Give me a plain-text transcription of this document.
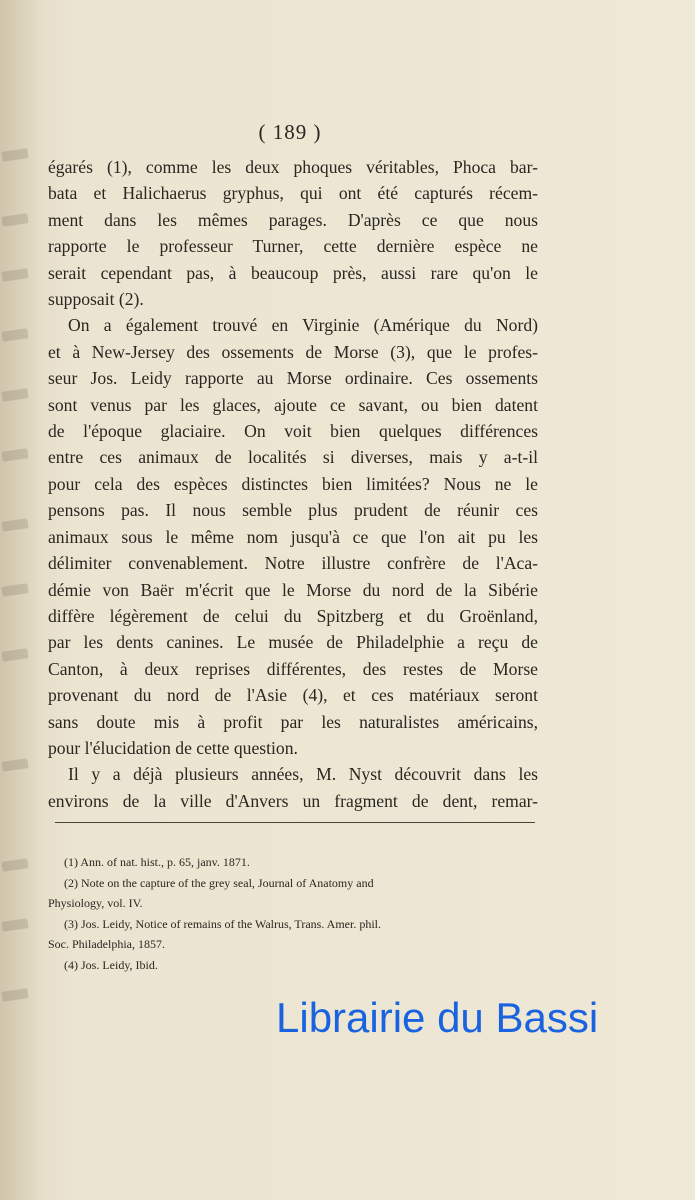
( 189 )
égarés (1), comme les deux phoques véritables, Phoca bar-
bata et Halichaerus gryphus, qui ont été capturés récem-
ment dans les mêmes parages. D'après ce que nous
rapporte le professeur Turner, cette dernière espèce ne
serait cependant pas, à beaucoup près, aussi rare qu'on le
supposait (2).
On a également trouvé en Virginie (Amérique du Nord)
et à New-Jersey des ossements de Morse (3), que le profes-
seur Jos. Leidy rapporte au Morse ordinaire. Ces ossements
sont venus par les glaces, ajoute ce savant, ou bien datent
de l'époque glaciaire. On voit bien quelques différences
entre ces animaux de localités si diverses, mais y a-t-il
pour cela des espèces distinctes bien limitées? Nous ne le
pensons pas. Il nous semble plus prudent de réunir ces
animaux sous le même nom jusqu'à ce que l'on ait pu les
délimiter convenablement. Notre illustre confrère de l'Aca-
démie von Baër m'écrit que le Morse du nord de la Sibérie
diffère légèrement de celui du Spitzberg et du Groënland,
par les dents canines. Le musée de Philadelphie a reçu de
Canton, à deux reprises différentes, des restes de Morse
provenant du nord de l'Asie (4), et ces matériaux seront
sans doute mis à profit par les naturalistes américains,
pour l'élucidation de cette question.
Il y a déjà plusieurs années, M. Nyst découvrit dans les
environs de la ville d'Anvers un fragment de dent, remar-
(1) Ann. of nat. hist., p. 65, janv. 1871.
(2) Note on the capture of the grey seal, Journal of Anatomy and
Physiology, vol. IV.
(3) Jos. Leidy, Notice of remains of the Walrus, Trans. Amer. phil.
Soc. Philadelphia, 1857.
(4) Jos. Leidy, Ibid.
Librairie du Bassi
